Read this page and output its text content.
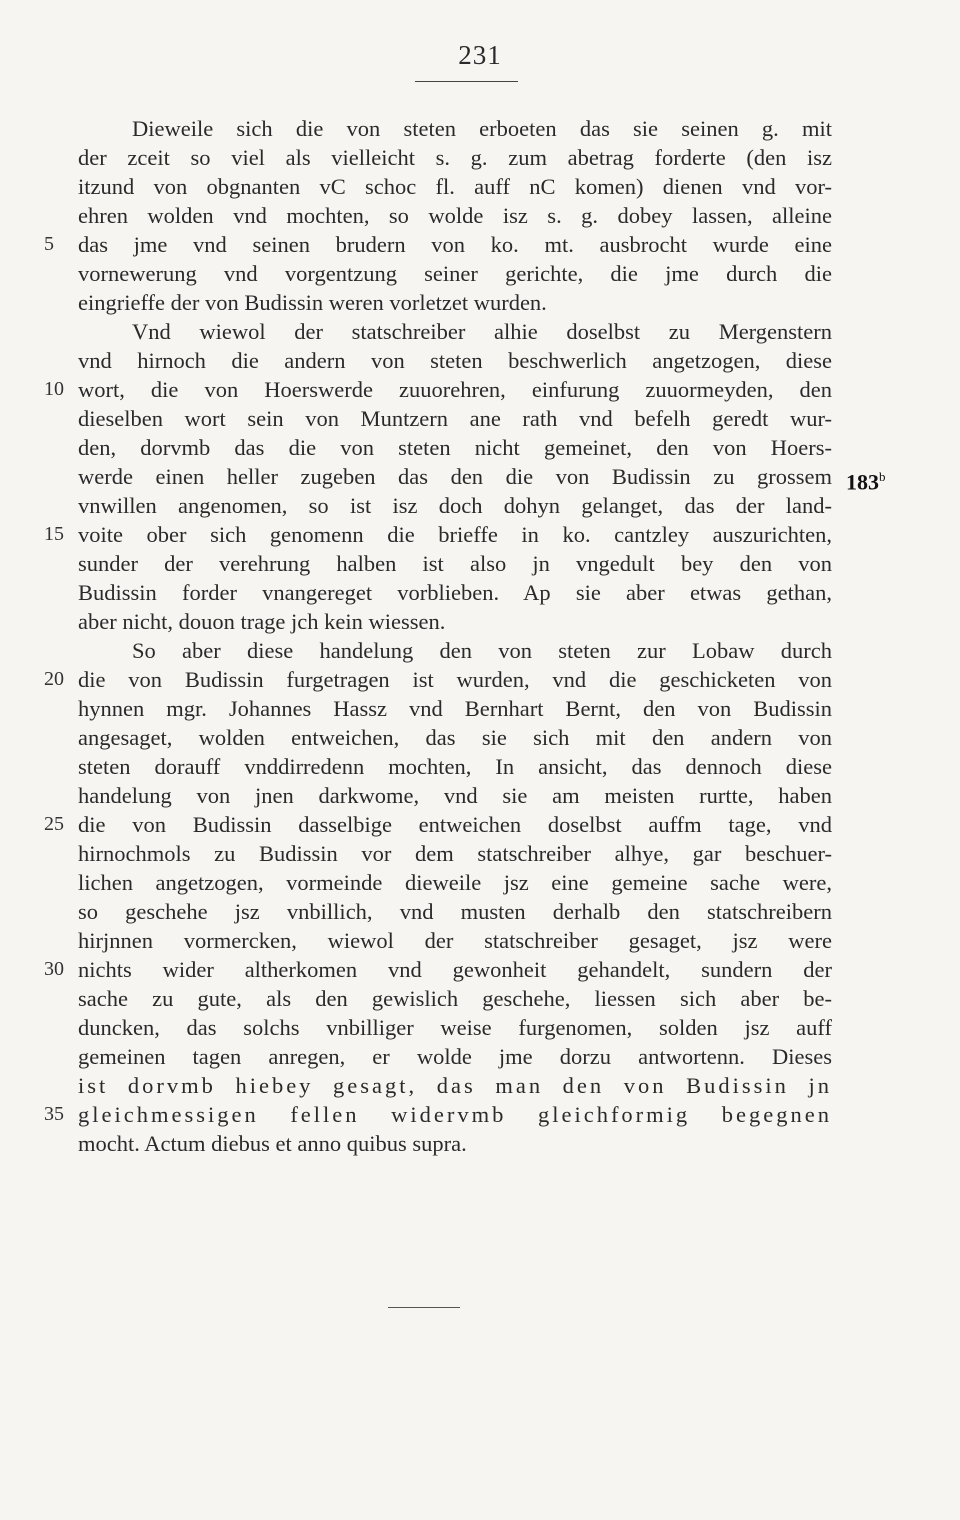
231
Dieweile sich die von steten erboeten das sie seinen g. mit
der zceit so viel als vielleicht s. g. zum abetrag forderte (den isz
itzund von obgnanten vC schoc fl. auff nC komen) dienen vnd vor-
ehren wolden vnd mochten, so wolde isz s. g. dobey lassen, alleine
5	das jme vnd seinen brudern von ko. mt. ausbrocht wurde eine
vornewerung vnd vorgentzung seiner gerichte, die jme durch die
eingrieffe der von Budissin weren vorletzet wurden.
Vnd wiewol der statschreiber alhie doselbst zu Mergenstern
vnd hirnoch die andern von steten beschwerlich angetzogen, diese
10 wort, die von Hoerswerde zuuorehren, einfurung zuuormeyden, den
dieselben wort sein von Muntzern ane rath vnd befelh geredt wur-
den, dorvmb das die von steten nicht gemeinet, den von Hoers-
werde einen heller zugeben das den die von Budissin zu grossem 183$^b$
vnwillen angenomen, so ist isz doch dohyn gelanget, das der land-
15 voite ober sich genomenn die brieffe in ko. cantzley auszurichten,
sunder der verehrung halben ist also jn vngedult bey den von
Budissin forder vnangereget vorblieben. Ap sie aber etwas gethan,
aber nicht, douon trage jch kein wiessen.
So aber diese handelung den von steten zur Lobaw durch
20 die von Budissin furgetragen ist wurden, vnd die geschicketen von
hynnen mgr. Johannes Hassz vnd Bernhart Bernt, den von Budissin
angesaget, wolden entweichen, das sie sich mit den andern von
steten dorauff vnddirredenn mochten, In ansicht, das dennoch diese
handelung von jnen darkwome, vnd sie am meisten rurtte, haben
25 die von Budissin dasselbige entweichen doselbst auffm tage, vnd
hirnochmols zu Budissin vor dem statschreiber alhye, gar beschuer-
lichen angetzogen, vormeinde dieweile jsz eine gemeine sache were,
so geschehe jsz vnbillich, vnd musten derhalb den statschreibern
hirjnnen vormercken, wiewol der statschreiber gesaget, jsz were
30 nichts wider altherkomen vnd gewonheit gehandelt, sundern der
sache zu gute, als den gewislich geschehe, liessen sich aber be-
duncken, das solchs vnbilliger weise furgenomen, solden jsz auff
gemeinen tagen anregen, er wolde jme dorzu antwortenn. Dieses
ist dorvmb hiebey gesagt, das man den von Budissin jn
35 gleichmessigen fellen widervmb gleichformig begegnen
mocht. Actum diebus et anno quibus supra.
